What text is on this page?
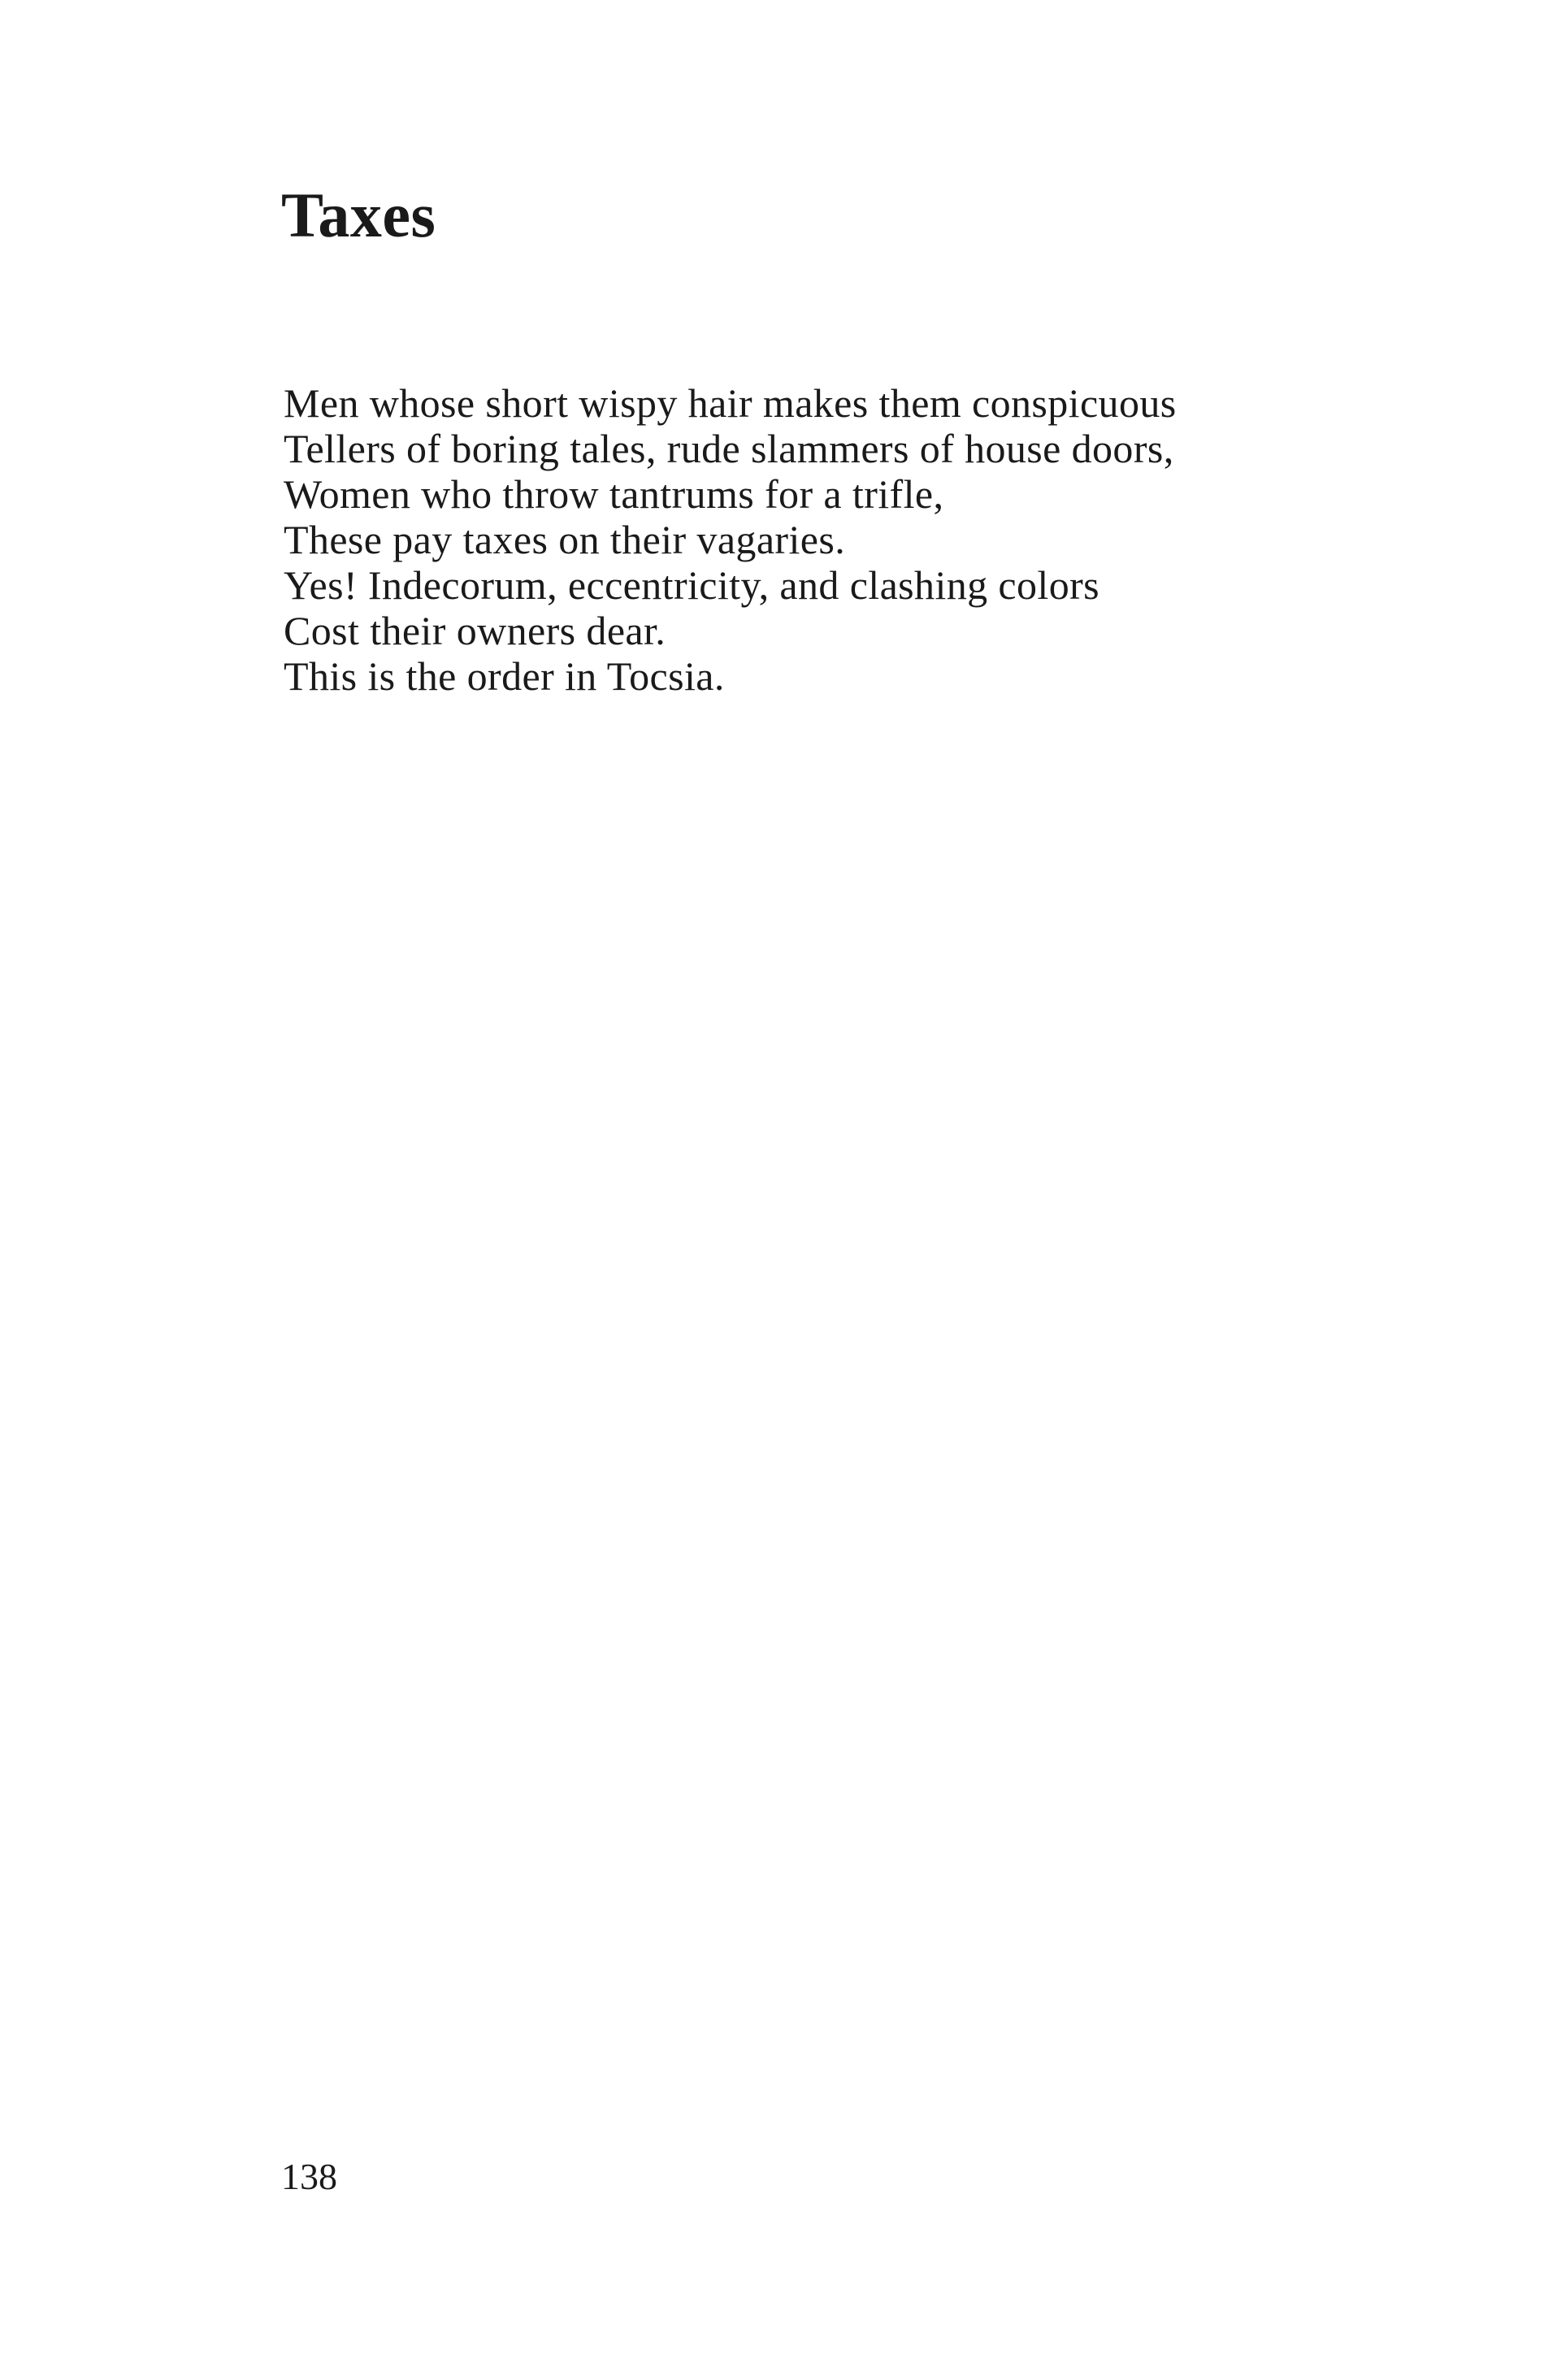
Taxes
Men whose short wispy hair makes them conspicuous
Tellers of boring tales, rude slammers of house doors,
Women who throw tantrums for a trifle,
These pay taxes on their vagaries.
Yes! Indecorum, eccentricity, and clashing colors
Cost their owners dear.
This is the order in Tocsia.
138
